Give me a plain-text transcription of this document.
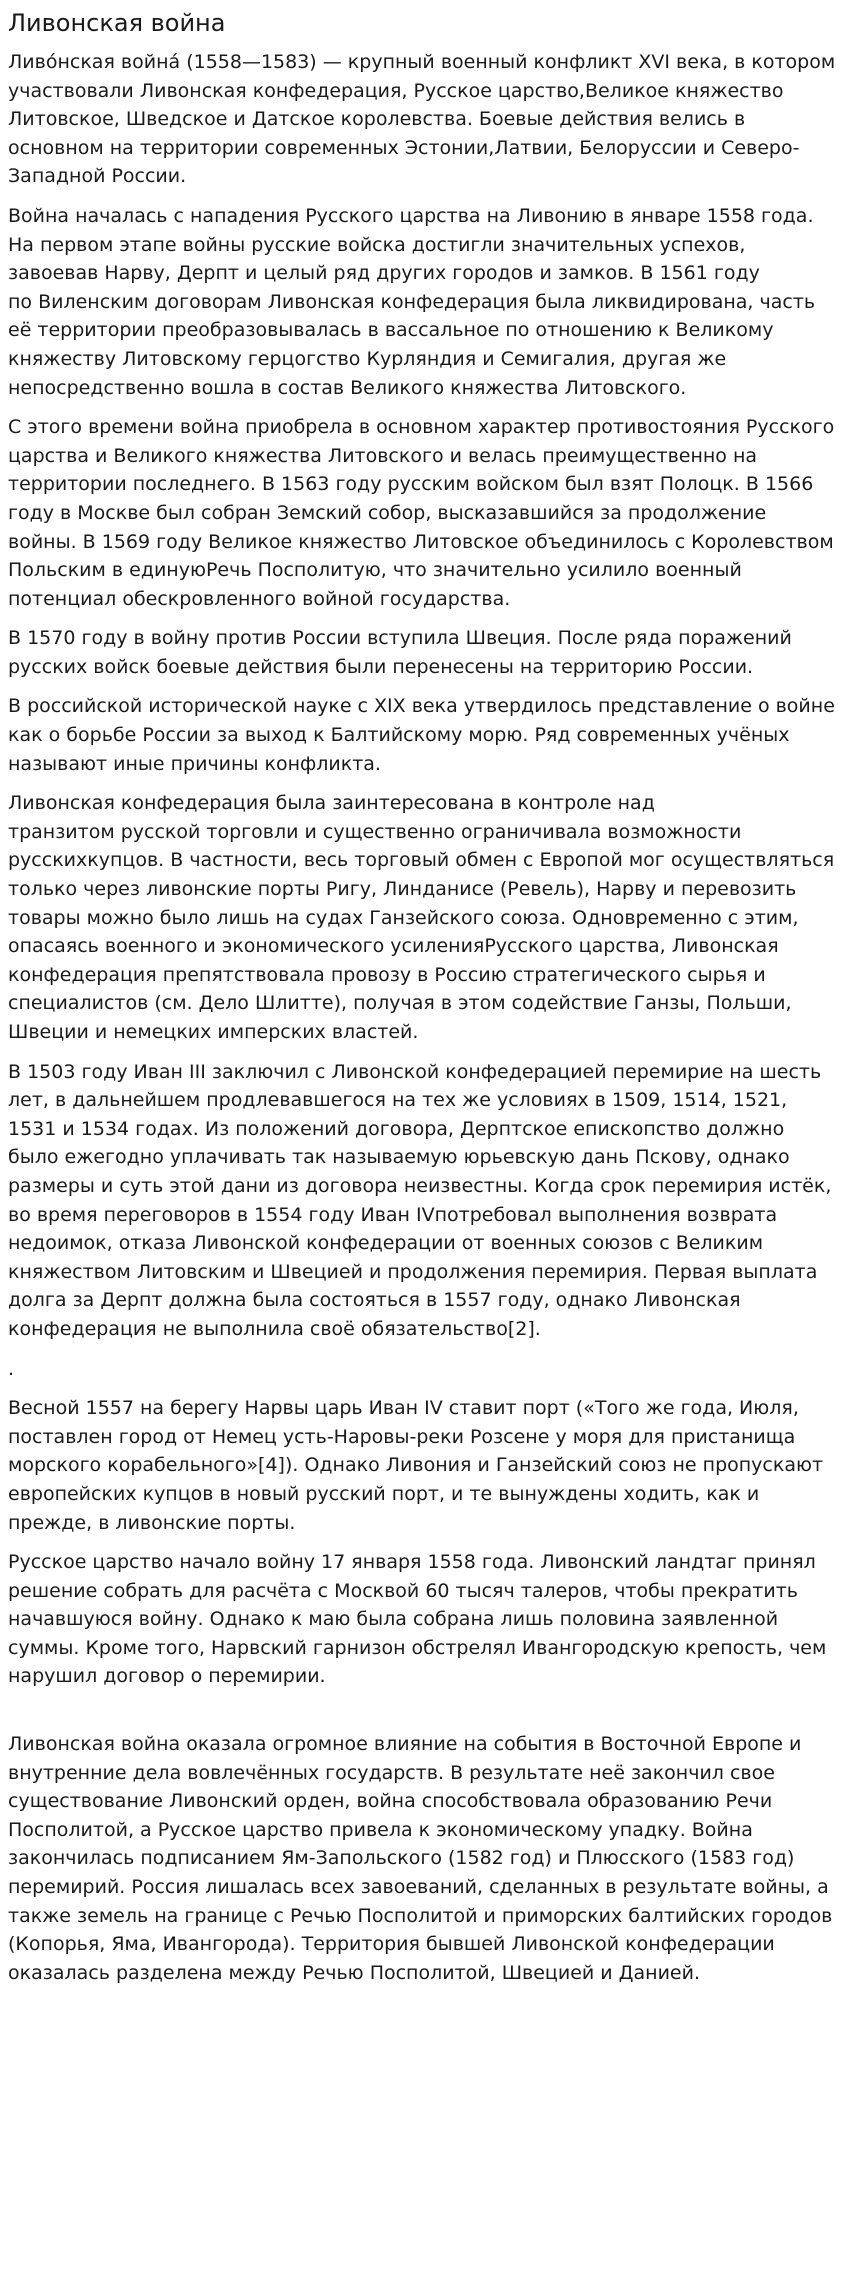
Ливонская война

Ливо́нская война́ (1558—1583) — крупный военный конфликт XVI века, в котором
участвовали Ливонская конфедерация, Русское царство,Великое княжество
Литовское, Шведское и Датское королевства. Боевые действия велись в
основном на территории современных Эстонии,Латвии, Белоруссии и Северо-
Западной России.

Война началась с нападения Русского царства на Ливонию в январе 1558 года.
На первом этапе войны русские войска достигли значительных успехов,
завоевав Нарву, Дерпт и целый ряд других городов и замков. В 1561 году
по Виленским договорам Ливонская конфедерация была ликвидирована, часть
её территории преобразовывалась в вассальное по отношению к Великому
княжеству Литовскому герцогство Курляндия и Семигалия, другая же
непосредственно вошла в состав Великого княжества Литовского.

С этого времени война приобрела в основном характер противостояния Русского
царства и Великого княжества Литовского и велась преимущественно на
территории последнего. В 1563 году русским войском был взят Полоцк. В 1566
году в Москве был собран Земский собор, высказавшийся за продолжение
войны. В 1569 году Великое княжество Литовское объединилось с Королевством
Польским в единуюРечь Посполитую, что значительно усилило военный
потенциал обескровленного войной государства.

В 1570 году в войну против России вступила Швеция. После ряда поражений
русских войск боевые действия были перенесены на территорию России.

В российской исторической науке с XIX века утвердилось представление о войне
как о борьбе России за выход к Балтийскому морю. Ряд современных учёных
называют иные причины конфликта.

Ливонская конфедерация была заинтересована в контроле над
транзитом русской торговли и существенно ограничивала возможности
русскихкупцов. В частности, весь торговый обмен с Европой мог осуществляться
только через ливонские порты Ригу, Линданисе (Ревель), Нарву и перевозить
товары можно было лишь на судах Ганзейского союза. Одновременно с этим,
опасаясь военного и экономического усиленияРусского царства, Ливонская
конфедерация препятствовала провозу в Россию стратегического сырья и
специалистов (см. Дело Шлитте), получая в этом содействие Ганзы, Польши,
Швеции и немецких имперских властей.

В 1503 году Иван III заключил с Ливонской конфедерацией перемирие на шесть
лет, в дальнейшем продлевавшегося на тех же условиях в 1509, 1514, 1521,
1531 и 1534 годах. Из положений договора, Дерптское епископство должно
было ежегодно уплачивать так называемую юрьевскую дань Пскову, однако
размеры и суть этой дани из договора неизвестны. Когда срок перемирия истёк,
во время переговоров в 1554 году Иван IVпотребовал выполнения возврата
недоимок, отказа Ливонской конфедерации от военных союзов с Великим
княжеством Литовским и Швецией и продолжения перемирия. Первая выплата
долга за Дерпт должна была состояться в 1557 году, однако Ливонская
конфедерация не выполнила своё обязательство[2].

.

Весной 1557 на берегу Нарвы царь Иван IV ставит порт («Того же года, Июля,
поставлен город от Немец усть-Наровы-реки Розсене у моря для пристанища
морского корабельного»[4]). Однако Ливония и Ганзейский союз не пропускают
европейских купцов в новый русский порт, и те вынуждены ходить, как и
прежде, в ливонские порты.

Русское царство начало войну 17 января 1558 года. Ливонский ландтаг принял
решение собрать для расчёта с Москвой 60 тысяч талеров, чтобы прекратить
начавшуюся войну. Однако к маю была собрана лишь половина заявленной
суммы. Кроме того, Нарвский гарнизон обстрелял Ивангородскую крепость, чем
нарушил договор о перемирии.

Ливонская война оказала огромное влияние на события в Восточной Европе и
внутренние дела вовлечённых государств. В результате неё закончил свое
существование Ливонский орден, война способствовала образованию Речи
Посполитой, а Русское царство привела к экономическому упадку. Война
закончилась подписанием Ям-Запольского (1582 год) и Плюсского (1583 год)
перемирий. Россия лишалась всех завоеваний, сделанных в результате войны, а
также земель на границе с Речью Посполитой и приморских балтийских городов
(Копорья, Яма, Ивангорода). Территория бывшей Ливонской конфедерации
оказалась разделена между Речью Посполитой, Швецией и Данией.
